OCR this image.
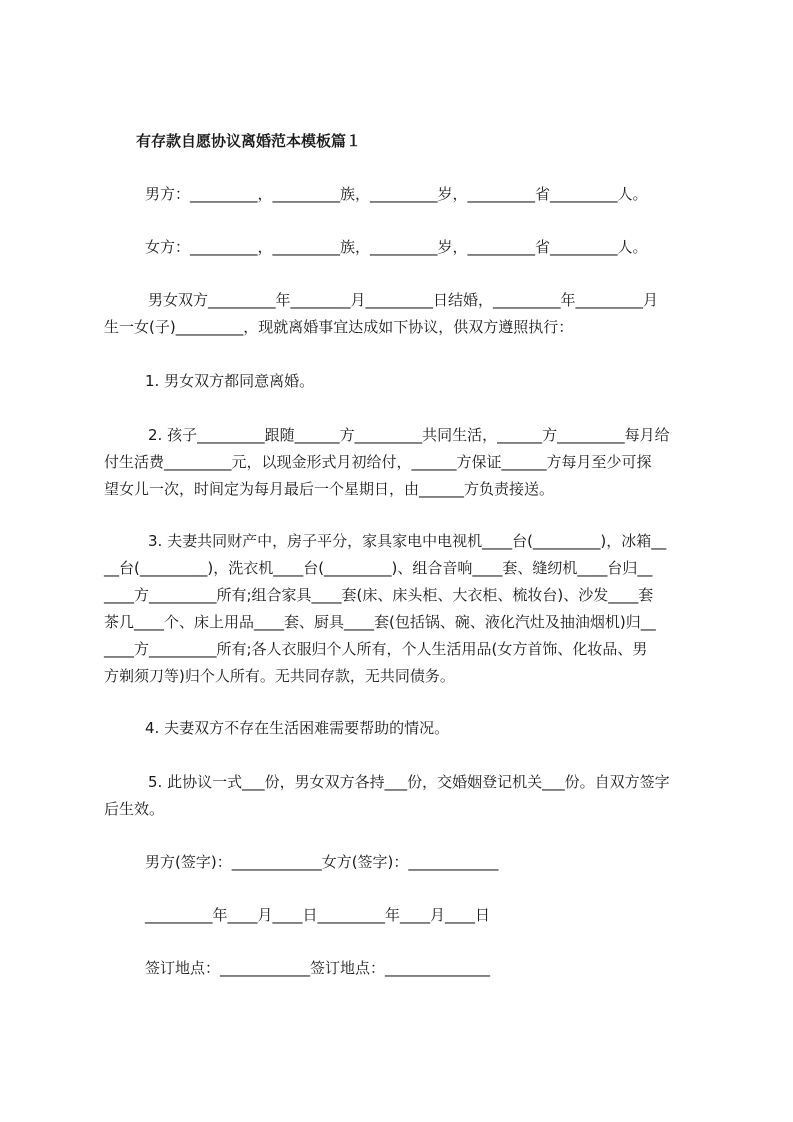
有存款自愿协议离婚范本模板篇１
男方：_________，_________族，_________岁，_________省_________人。
女方：_________，_________族，_________岁，_________省_________人。
男女双方_________年________月_________日结婚，_________年_________月
生一女(子)_________，现就离婚事宜达成如下协议，供双方遵照执行：
1. 男女双方都同意离婚。
2. 孩子_________跟随______方_________共同生活，______方_________每月给
付生活费_________元，以现金形式月初给付，______方保证______方每月至少可探
望女儿一次，时间定为每月最后一个星期日，由______方负责接送。
3. 夫妻共同财产中，房子平分，家具家电中电视机____台(_________)，冰箱__
__台(_________)，洗衣机____台(_________)、组合音响____套、缝纫机____台归__
____方_________所有;组合家具____套(床、床头柜、大衣柜、梳妆台)、沙发____套
茶几____个、床上用品____套、厨具____套(包括锅、碗、液化汽灶及抽油烟机)归__
____方_________所有;各人衣服归个人所有，个人生活用品(女方首饰、化妆品、男
方剃须刀等)归个人所有。无共同存款，无共同债务。
4. 夫妻双方不存在生活困难需要帮助的情况。
5. 此协议一式___份，男女双方各持___份，交婚姻登记机关___份。自双方签字
后生效。
男方(签字)：____________女方(签字)：____________
_________年____月____日_________年____月____日
签订地点：____________签订地点：______________
